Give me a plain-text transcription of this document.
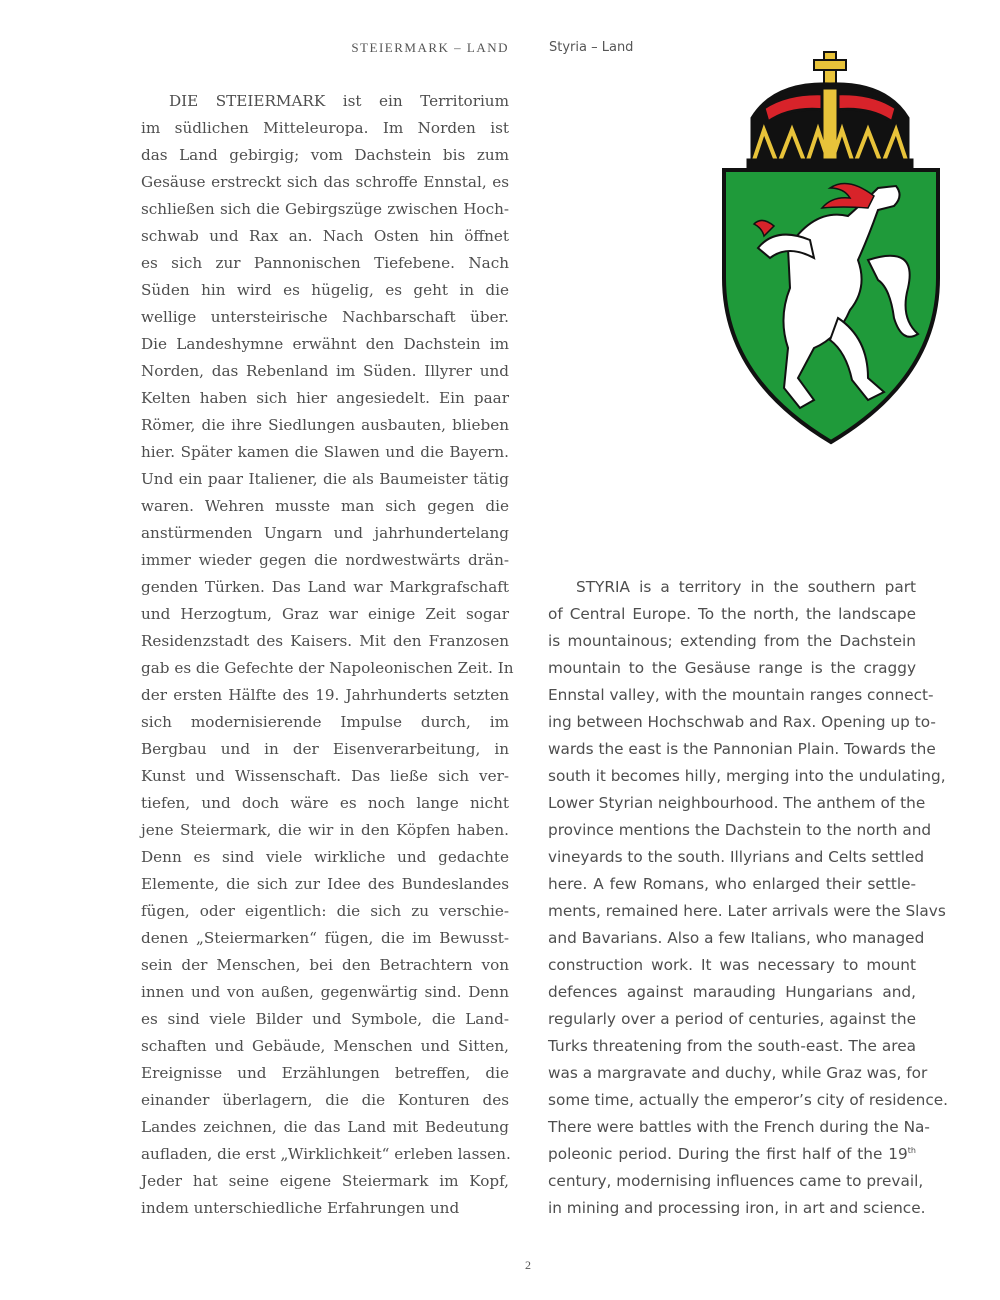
STEIERMARK – LAND	Styria – Land
DIE STEIERMARK ist ein Territorium
im südlichen Mitteleuropa. Im Norden ist
das Land gebirgig; vom Dachstein bis zum
Gesäuse erstreckt sich das schroffe Ennstal, es
schließen sich die Gebirgszüge zwischen Hoch-
schwab und Rax an. Nach Osten hin öffnet
es sich zur Pannonischen Tiefebene. Nach
Süden hin wird es hügelig, es geht in die
wellige untersteirische Nachbarschaft über.
Die Landeshymne erwähnt den Dachstein im
Norden, das Rebenland im Süden. Illyrer und
Kelten haben sich hier angesiedelt. Ein paar
Römer, die ihre Siedlungen ausbauten, blieben
hier. Später kamen die Slawen und die Bayern.
Und ein paar Italiener, die als Baumeister tätig
waren. Wehren musste man sich gegen die
anstürmenden Ungarn und jahrhundertelang
immer wieder gegen die nordwestwärts drän-
genden Türken. Das Land war Markgrafschaft
und Herzogtum, Graz war einige Zeit sogar
Residenzstadt des Kaisers. Mit den Franzosen
gab es die Gefechte der Napoleonischen Zeit. In
der ersten Hälfte des 19. Jahrhunderts setzten
sich modernisierende Impulse durch, im
Bergbau und in der Eisenverarbeitung, in
Kunst und Wissenschaft. Das ließe sich ver-
tiefen, und doch wäre es noch lange nicht
jene Steiermark, die wir in den Köpfen haben.
Denn es sind viele wirkliche und gedachte
Elemente, die sich zur Idee des Bundeslandes
fügen, oder eigentlich: die sich zu verschie-
denen „Steiermarken“ fügen, die im Bewusst-
sein der Menschen, bei den Betrachtern von
innen und von außen, gegenwärtig sind. Denn
es sind viele Bilder und Symbole, die Land-
schaften und Gebäude, Menschen und Sitten,
Ereignisse und Erzählungen betreffen, die
einander überlagern, die die Konturen des
Landes zeichnen, die das Land mit Bedeutung
aufladen, die erst „Wirklichkeit“ erleben lassen.
Jeder hat seine eigene Steiermark im Kopf,
indem unterschiedliche Erfahrungen und
STYRIA is a territory in the southern part
of Central Europe. To the north, the landscape
is mountainous; extending from the Dachstein
mountain to the Gesäuse range is the craggy
Ennstal valley, with the mountain ranges connect-
ing between Hochschwab and Rax. Opening up to-
wards the east is the Pannonian Plain. Towards the
south it becomes hilly, merging into the undulating,
Lower Styrian neighbourhood. The anthem of the
province mentions the Dachstein to the north and
vineyards to the south. Illyrians and Celts settled
here. A few Romans, who enlarged their settle-
ments, remained here. Later arrivals were the Slavs
and Bavarians. Also a few Italians, who managed
construction work. It was necessary to mount
defences against marauding Hungarians and,
regularly over a period of centuries, against the
Turks threatening from the south-east. The area
was a margravate and duchy, while Graz was, for
some time, actually the emperor’s city of residence.
There were battles with the French during the Na-
poleonic period. During the first half of the 19th
century, modernising influences came to prevail,
in mining and processing iron, in art and science.
2
